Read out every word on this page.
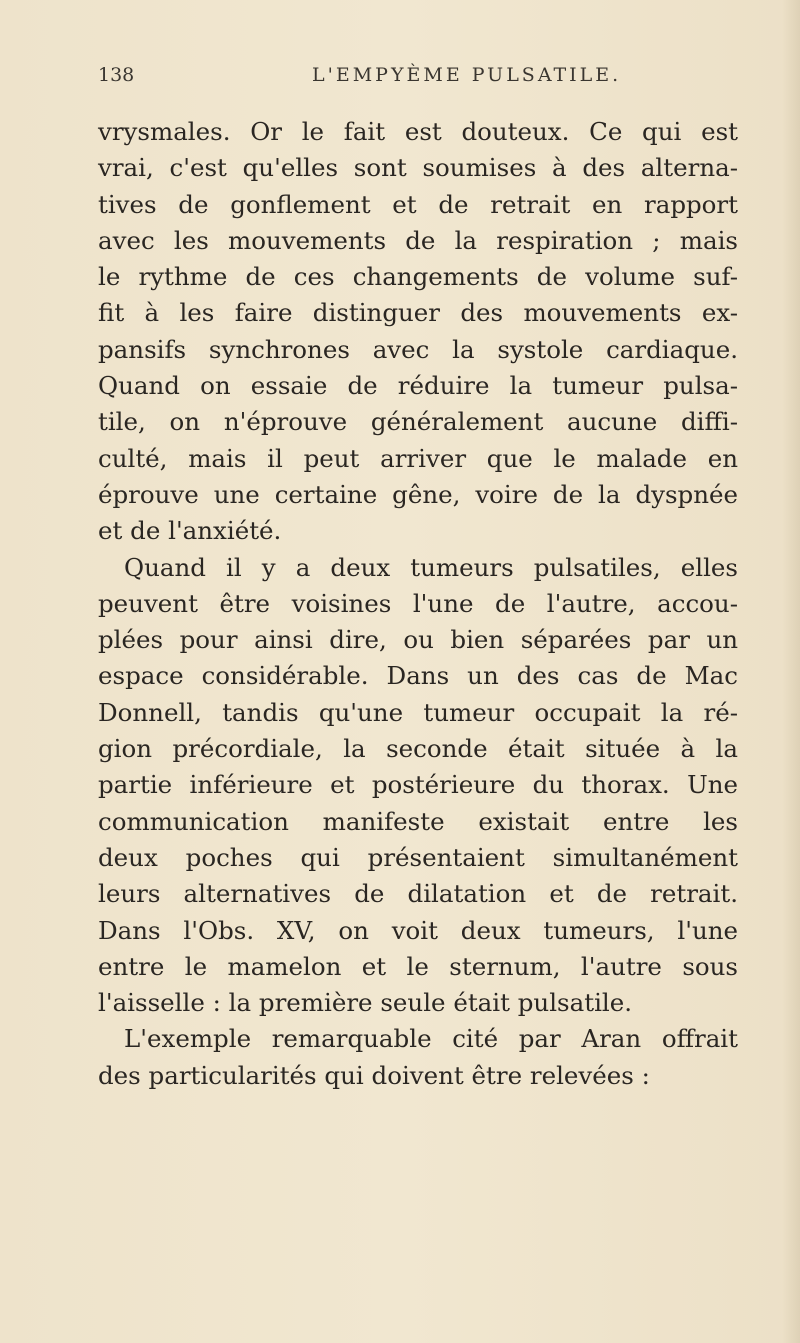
138	L'EMPYÈME PULSATILE.
vrysmales. Or le fait est douteux. Ce qui est
vrai, c'est qu'elles sont soumises à des alterna-
tives de gonflement et de retrait en rapport
avec les mouvements de la respiration ; mais
le rythme de ces changements de volume suf-
fit à les faire distinguer des mouvements ex-
pansifs synchrones avec la systole cardiaque.
Quand on essaie de réduire la tumeur pulsa-
tile, on n'éprouve généralement aucune diffi-
culté, mais il peut arriver que le malade en
éprouve une certaine gêne, voire de la dyspnée
et de l'anxiété.
Quand il y a deux tumeurs pulsatiles, elles
peuvent être voisines l'une de l'autre, accou-
plées pour ainsi dire, ou bien séparées par un
espace considérable. Dans un des cas de Mac
Donnell, tandis qu'une tumeur occupait la ré-
gion précordiale, la seconde était située à la
partie inférieure et postérieure du thorax. Une
communication manifeste existait entre les
deux poches qui présentaient simultanément
leurs alternatives de dilatation et de retrait.
Dans l'Obs. XV, on voit deux tumeurs, l'une
entre le mamelon et le sternum, l'autre sous
l'aisselle : la première seule était pulsatile.
L'exemple remarquable cité par Aran offrait
des particularités qui doivent être relevées :
